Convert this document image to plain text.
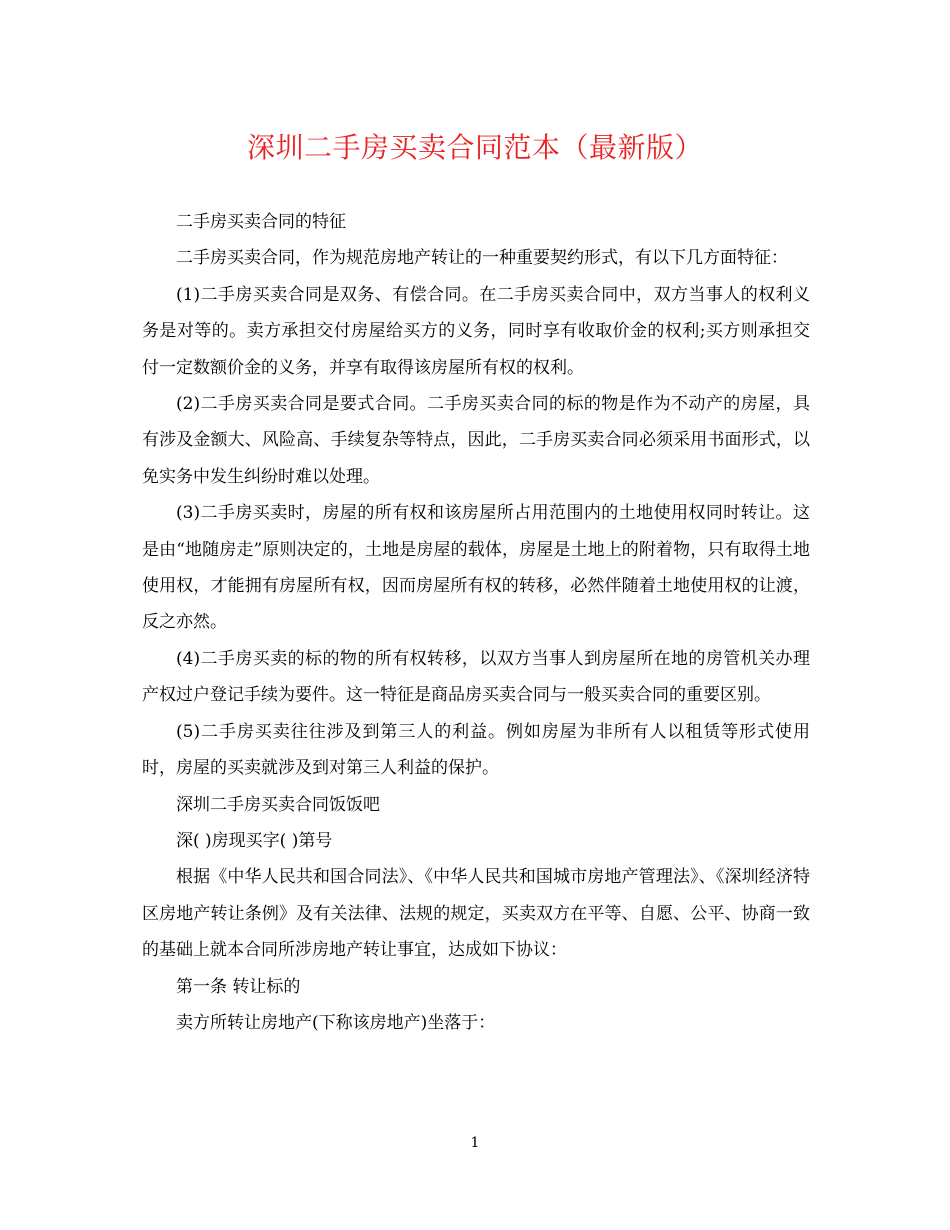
深圳二手房买卖合同范本（最新版）

二手房买卖合同的特征

二手房买卖合同，作为规范房地产转让的一种重要契约形式，有以下几方面特征：

(1)二手房买卖合同是双务、有偿合同。在二手房买卖合同中，双方当事人的权利义务是对等的。卖方承担交付房屋给买方的义务，同时享有收取价金的权利;买方则承担交付一定数额价金的义务，并享有取得该房屋所有权的权利。

(2)二手房买卖合同是要式合同。二手房买卖合同的标的物是作为不动产的房屋，具有涉及金额大、风险高、手续复杂等特点，因此，二手房买卖合同必须采用书面形式，以免实务中发生纠纷时难以处理。

(3)二手房买卖时，房屋的所有权和该房屋所占用范围内的土地使用权同时转让。这是由“地随房走”原则决定的，土地是房屋的载体，房屋是土地上的附着物，只有取得土地使用权，才能拥有房屋所有权，因而房屋所有权的转移，必然伴随着土地使用权的让渡，反之亦然。

(4)二手房买卖的标的物的所有权转移，以双方当事人到房屋所在地的房管机关办理产权过户登记手续为要件。这一特征是商品房买卖合同与一般买卖合同的重要区别。

(5)二手房买卖往往涉及到第三人的利益。例如房屋为非所有人以租赁等形式使用时，房屋的买卖就涉及到对第三人利益的保护。

深圳二手房买卖合同饭饭吧

深( )房现买字( )第号

根据《中华人民共和国合同法》、《中华人民共和国城市房地产管理法》、《深圳经济特区房地产转让条例》及有关法律、法规的规定，买卖双方在平等、自愿、公平、协商一致的基础上就本合同所涉房地产转让事宜，达成如下协议：

第一条 转让标的

卖方所转让房地产(下称该房地产)坐落于：

1
